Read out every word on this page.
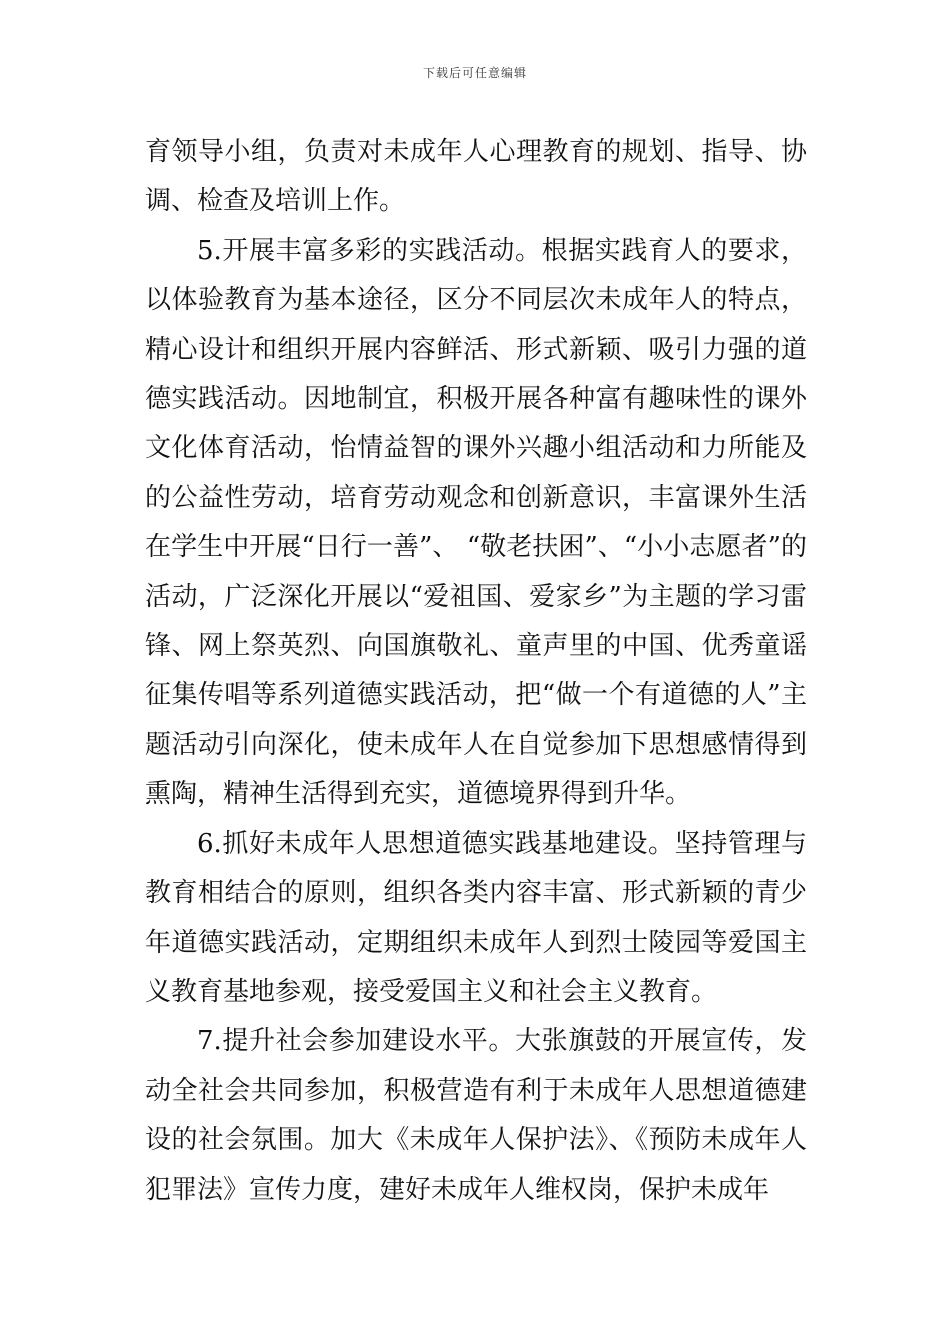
下载后可任意编辑

育领导小组，负责对未成年人心理教育的规划、指导、协调、检查及培训上作。

5.开展丰富多彩的实践活动。根据实践育人的要求，以体验教育为基本途径，区分不同层次未成年人的特点，精心设计和组织开展内容鲜活、形式新颖、吸引力强的道德实践活动。因地制宜，积极开展各种富有趣味性的课外文化体育活动，怡情益智的课外兴趣小组活动和力所能及的公益性劳动，培育劳动观念和创新意识，丰富课外生活在学生中开展“日行一善”、 “敬老扶困”、“小小志愿者”的活动，广泛深化开展以“爱祖国、爱家乡”为主题的学习雷锋、网上祭英烈、向国旗敬礼、童声里的中国、优秀童谣征集传唱等系列道德实践活动，把“做一个有道德的人”主题活动引向深化，使未成年人在自觉参加下思想感情得到熏陶，精神生活得到充实，道德境界得到升华。

6.抓好未成年人思想道德实践基地建设。坚持管理与教育相结合的原则，组织各类内容丰富、形式新颖的青少年道德实践活动，定期组织未成年人到烈士陵园等爱国主义教育基地参观，接受爱国主义和社会主义教育。

7.提升社会参加建设水平。大张旗鼓的开展宣传，发动全社会共同参加，积极营造有利于未成年人思想道德建设的社会氛围。加大《未成年人保护法》、《预防未成年人犯罪法》宣传力度，建好未成年人维权岗，保护未成年
